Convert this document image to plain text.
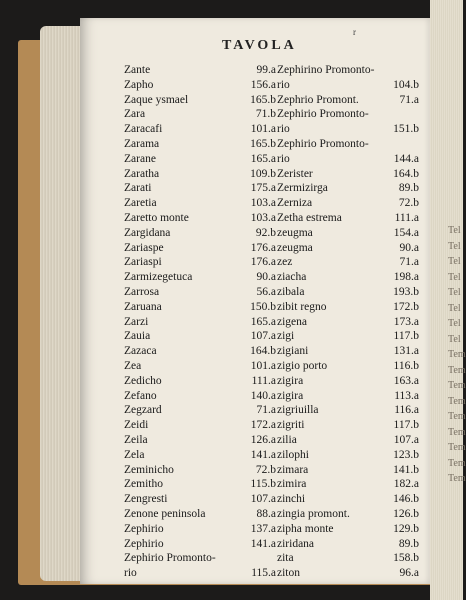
Tel
Tel
Tel
Tel
Tel
Tel
Tel
Tel
Tem
Tem
Tem
Tem
Tem
Tem
Tem
Tem
Tem
r
TAVOLA
Zante	99.a
Zapho	156.a
Zaque ysmael	165.b
Zara	71.b
Zaracafi	101.a
Zarama	165.b
Zarane	165.a
Zaratha	109.b
Zarati	175.a
Zaretia	103.a
Zaretto monte	103.a
Zargidana	92.b
Zariaspe	176.a
Zariaspi	176.a
Zarmizegetuca	90.a
Zarrosa	56.a
Zaruana	150.b
Zarzi	165.a
Zauia	107.a
Zazaca	164.b
Zea	101.a
Zedicho	111.a
Zefano	140.a
Zegzard	71.a
Zeidi	172.a
Zeila	126.a
Zela	141.a
Zeminicho	72.b
Zemitho	115.b
Zengresti	107.a
Zenone peninsola	88.a
Zephirio	137.a
Zephirio	141.a
Zephirio Promonto-
rio	115.a
Zephirino Promonto-
rio	104.b
Zephrio Promont.	71.a
Zephirio Promonto-
rio	151.b
Zephirio Promonto-
rio	144.a
Zerister	164.b
Zermizirga	89.b
Zerniza	72.b
Zetha estrema	111.a
zeugma	154.a
zeugma	90.a
zez	71.a
ziacha	198.a
zibala	193.b
zibit regno	172.b
zigena	173.a
zigi	117.b
zigiani	131.a
zigio porto	116.b
zigira	163.a
zigira	113.a
zigriuilla	116.a
zigriti	117.b
zilia	107.a
zilophi	123.b
zimara	141.b
zimira	182.a
zinchi	146.b
zingia promont.	126.b
zipha monte	129.b
ziridana	89.b
zita	158.b
ziton	96.a
